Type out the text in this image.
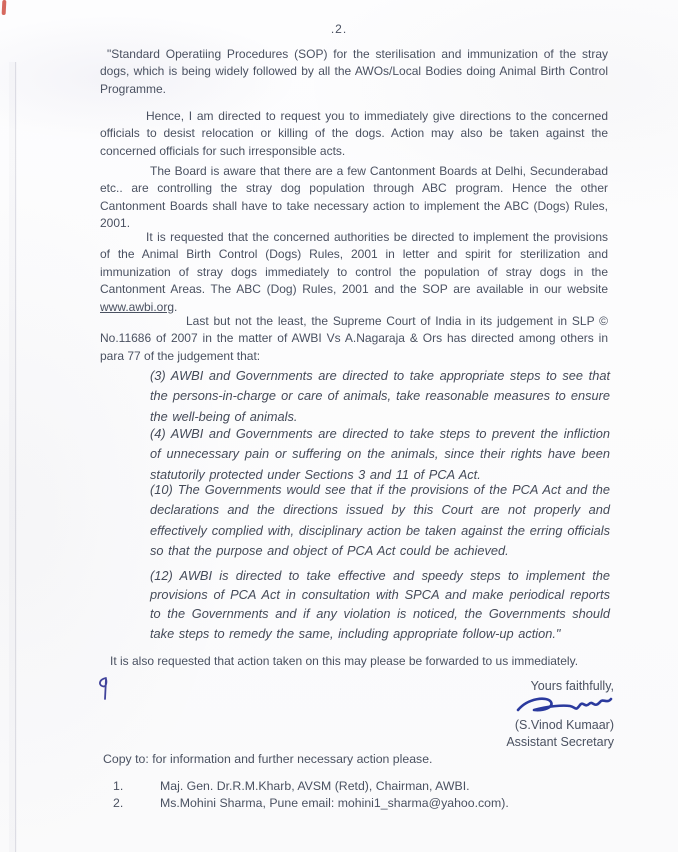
.2.

"Standard Operatiing Procedures (SOP) for the sterilisation and immunization of the stray dogs, which is being widely followed by all the AWOs/Local Bodies doing Animal Birth Control Programme.

Hence, I am directed to request you to immediately give directions to the concerned officials to desist relocation or killing of the dogs. Action may also be taken against the concerned officials for such irresponsible acts.

The Board is aware that there are a few Cantonment Boards at Delhi, Secunderabad etc.. are controlling the stray dog population through ABC program. Hence the other Cantonment Boards shall have to take necessary action to implement the ABC (Dogs) Rules, 2001.

It is requested that the concerned authorities be directed to implement the provisions of the Animal Birth Control (Dogs) Rules, 2001 in letter and spirit for sterilization and immunization of stray dogs immediately to control the population of stray dogs in the Cantonment Areas. The ABC (Dog) Rules, 2001 and the SOP are available in our website www.awbi.org.

Last but not the least, the Supreme Court of India in its judgement in SLP © No.11686 of 2007 in the matter of AWBI Vs A.Nagaraja & Ors has directed among others in para 77 of the judgement that:

(3) AWBI and Governments are directed to take appropriate steps to see that the persons-in-charge or care of animals, take reasonable measures to ensure the well-being of animals.

(4) AWBI and Governments are directed to take steps to prevent the infliction of unnecessary pain or suffering on the animals, since their rights have been statutorily protected under Sections 3 and 11 of PCA Act.

(10) The Governments would see that if the provisions of the PCA Act and the declarations and the directions issued by this Court are not properly and effectively complied with, disciplinary action be taken against the erring officials so that the purpose and object of PCA Act could be achieved.

(12) AWBI is directed to take effective and speedy steps to implement the provisions of PCA Act in consultation with SPCA and make periodical reports to the Governments and if any violation is noticed, the Governments should take steps to remedy the same, including appropriate follow-up action."

It is also requested that action taken on this may please be forwarded to us immediately.

Yours faithfully,
(S.Vinod Kumaar)
Assistant Secretary

Copy to: for information and further necessary action please.

1.	Maj. Gen. Dr.R.M.Kharb, AVSM (Retd), Chairman, AWBI.

2.	Ms.Mohini Sharma, Pune email: mohini1_sharma@yahoo.com).
